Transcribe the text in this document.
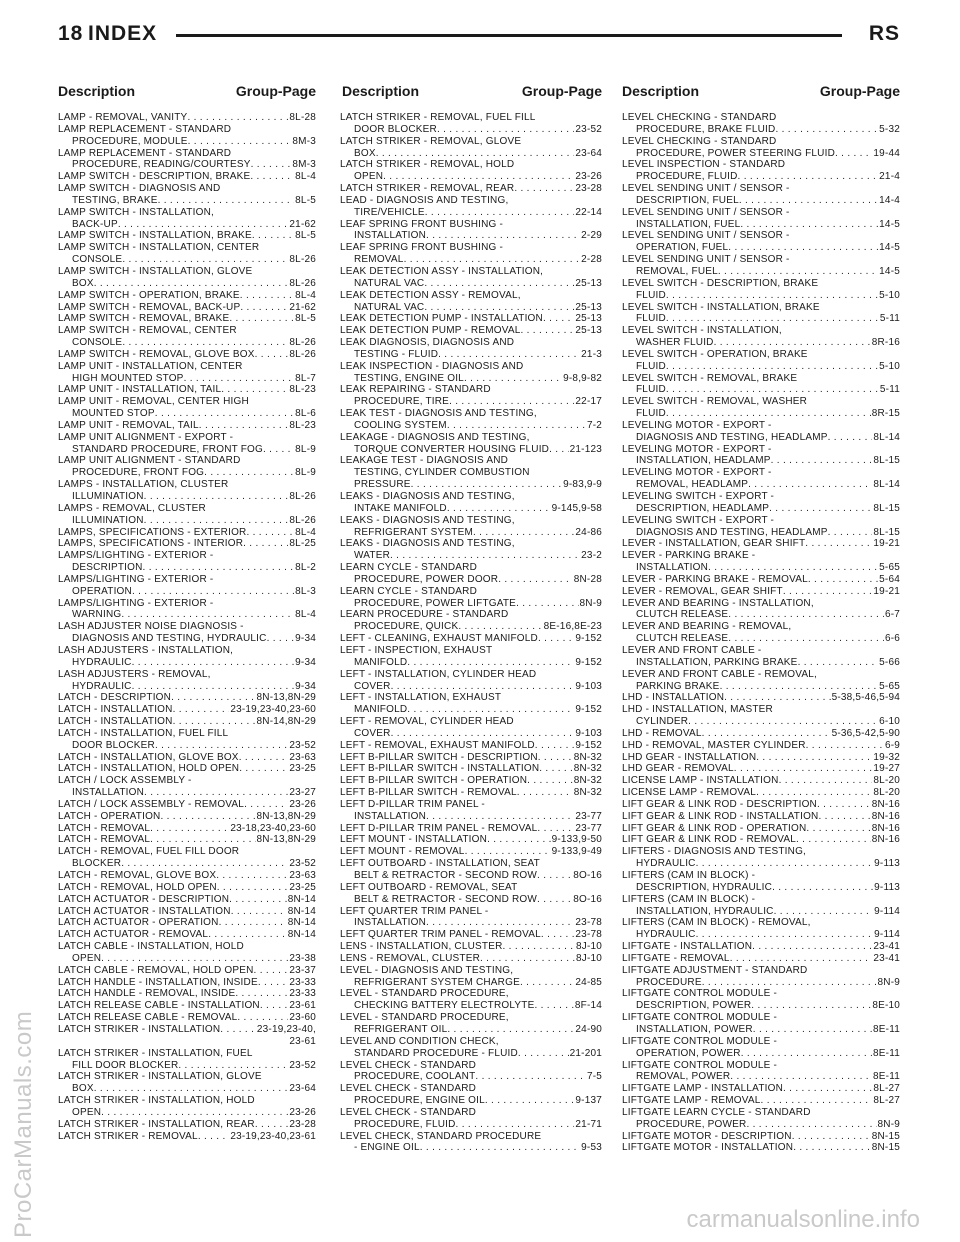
18 INDEX	RS
Description	Group-Page Description	Group-Page Description	Group-Page
LAMP - REMOVAL, VANITY . . .	8L-28
LAMP REPLACEMENT - STANDARD
PROCEDURE, MODULE . . .	8M-3
LAMP REPLACEMENT - STANDARD
PROCEDURE, READING/COURTESY . . .	8M-3
LAMP SWITCH - DESCRIPTION, BRAKE . . .	8L-4
LAMP SWITCH - DIAGNOSIS AND
TESTING, BRAKE . . .	8L-5
LAMP SWITCH - INSTALLATION,
BACK-UP . . .	21-62
LAMP SWITCH - INSTALLATION, BRAKE . . .	8L-5
LAMP SWITCH - INSTALLATION, CENTER
CONSOLE . . .	8L-26
LAMP SWITCH - INSTALLATION, GLOVE
BOX . . .	8L-26
LAMP SWITCH - OPERATION, BRAKE . . .	8L-4
LAMP SWITCH - REMOVAL, BACK-UP . . .	21-62
LAMP SWITCH - REMOVAL, BRAKE . . .	8L-5
LAMP SWITCH - REMOVAL, CENTER
CONSOLE . . .	8L-26
LAMP SWITCH - REMOVAL, GLOVE BOX . . .	8L-26
LAMP UNIT - INSTALLATION, CENTER
HIGH MOUNTED STOP . . .	8L-7
LAMP UNIT - INSTALLATION, TAIL . . .	8L-23
LAMP UNIT - REMOVAL, CENTER HIGH
MOUNTED STOP . . .	8L-6
LAMP UNIT - REMOVAL, TAIL . . .	8L-23
LAMP UNIT ALIGNMENT - EXPORT -
STANDARD PROCEDURE, FRONT FOG . . .	8L-9
LAMP UNIT ALIGNMENT - STANDARD
PROCEDURE, FRONT FOG . . .	8L-9
LAMPS - INSTALLATION, CLUSTER
ILLUMINATION . . .	8L-26
LAMPS - REMOVAL, CLUSTER
ILLUMINATION . . .	8L-26
LAMPS, SPECIFICATIONS - EXTERIOR . . .	8L-4
LAMPS, SPECIFICATIONS - INTERIOR . . .	8L-25
LAMPS/LIGHTING - EXTERIOR -
DESCRIPTION . . .	8L-2
LAMPS/LIGHTING - EXTERIOR -
OPERATION . . .	8L-3
LAMPS/LIGHTING - EXTERIOR -
WARNING . . .	8L-4
LASH ADJUSTER NOISE DIAGNOSIS -
DIAGNOSIS AND TESTING, HYDRAULIC . . .	9-34
LASH ADJUSTERS - INSTALLATION,
HYDRAULIC . . .	9-34
LASH ADJUSTERS - REMOVAL,
HYDRAULIC . . .	9-34
LATCH - DESCRIPTION . . .	8N-13,8N-29
LATCH - INSTALLATION . . .	23-19,23-40,23-60
LATCH - INSTALLATION . . .	8N-14,8N-29
LATCH - INSTALLATION, FUEL FILL
DOOR BLOCKER . . .	23-52
LATCH - INSTALLATION, GLOVE BOX . . .	23-63
LATCH - INSTALLATION, HOLD OPEN . . .	23-25
LATCH / LOCK ASSEMBLY -
INSTALLATION . . .	23-27
LATCH / LOCK ASSEMBLY - REMOVAL . . .	23-26
LATCH - OPERATION . . .	8N-13,8N-29
LATCH - REMOVAL . . .	23-18,23-40,23-60
LATCH - REMOVAL . . .	8N-13,8N-29
LATCH - REMOVAL, FUEL FILL DOOR
BLOCKER . . .	23-52
LATCH - REMOVAL, GLOVE BOX . . .	23-63
LATCH - REMOVAL, HOLD OPEN . . .	23-25
LATCH ACTUATOR - DESCRIPTION . . .	8N-14
LATCH ACTUATOR - INSTALLATION . . .	8N-14
LATCH ACTUATOR - OPERATION . . .	8N-14
LATCH ACTUATOR - REMOVAL . . .	8N-14
LATCH CABLE - INSTALLATION, HOLD
OPEN . . .	23-38
LATCH CABLE - REMOVAL, HOLD OPEN . . .	23-37
LATCH HANDLE - INSTALLATION, INSIDE . . .	23-33
LATCH HANDLE - REMOVAL, INSIDE . . .	23-33
LATCH RELEASE CABLE - INSTALLATION . . .	23-61
LATCH RELEASE CABLE - REMOVAL . . .	23-60
LATCH STRIKER - INSTALLATION . . .	23-19,23-40,
23-61
LATCH STRIKER - INSTALLATION, FUEL
FILL DOOR BLOCKER . . .	23-52
LATCH STRIKER - INSTALLATION, GLOVE
BOX . . .	23-64
LATCH STRIKER - INSTALLATION, HOLD
OPEN . . .	23-26
LATCH STRIKER - INSTALLATION, REAR . . .	23-28
LATCH STRIKER - REMOVAL . . .	23-19,23-40,23-61
LATCH STRIKER - REMOVAL, FUEL FILL
DOOR BLOCKER . . .	23-52
LATCH STRIKER - REMOVAL, GLOVE
BOX . . .	23-64
LATCH STRIKER - REMOVAL, HOLD
OPEN . . .	23-26
LATCH STRIKER - REMOVAL, REAR . . .	23-28
LEAD - DIAGNOSIS AND TESTING,
TIRE/VEHICLE . . .	22-14
LEAF SPRING FRONT BUSHING -
INSTALLATION . . .	2-29
LEAF SPRING FRONT BUSHING -
REMOVAL . . .	2-28
LEAK DETECTION ASSY - INSTALLATION,
NATURAL VAC . . .	25-13
LEAK DETECTION ASSY - REMOVAL,
NATURAL VAC . . .	25-13
LEAK DETECTION PUMP - INSTALLATION . . .	25-13
LEAK DETECTION PUMP - REMOVAL . . .	25-13
LEAK DIAGNOSIS, DIAGNOSIS AND
TESTING - FLUID . . .	21-3
LEAK INSPECTION - DIAGNOSIS AND
TESTING, ENGINE OIL . . .	9-8,9-82
LEAK REPAIRING - STANDARD
PROCEDURE, TIRE . . .	22-17
LEAK TEST - DIAGNOSIS AND TESTING,
COOLING SYSTEM . . .	7-2
LEAKAGE - DIAGNOSIS AND TESTING,
TORQUE CONVERTER HOUSING FLUID . . . 21-123
LEAKAGE TEST - DIAGNOSIS AND
TESTING, CYLINDER COMBUSTION
PRESSURE . . .	9-83,9-9
LEAKS - DIAGNOSIS AND TESTING,
INTAKE MANIFOLD . . .	9-145,9-58
LEAKS - DIAGNOSIS AND TESTING,
REFRIGERANT SYSTEM . . .	24-86
LEAKS - DIAGNOSIS AND TESTING,
WATER . . .	23-2
LEARN CYCLE - STANDARD
PROCEDURE, POWER DOOR . . .	8N-28
LEARN CYCLE - STANDARD
PROCEDURE, POWER LIFTGATE . . .	8N-9
LEARN PROCEDURE - STANDARD
PROCEDURE, QUICK . . .	8E-16,8E-23
LEFT - CLEANING, EXHAUST MANIFOLD . . .	9-152
LEFT - INSPECTION, EXHAUST
MANIFOLD . . .	9-152
LEFT - INSTALLATION, CYLINDER HEAD
COVER . . .	9-103
LEFT - INSTALLATION, EXHAUST
MANIFOLD . . .	9-152
LEFT - REMOVAL, CYLINDER HEAD
COVER . . .	9-103
LEFT - REMOVAL, EXHAUST MANIFOLD . . .	9-152
LEFT B-PILLAR SWITCH - DESCRIPTION . . .	8N-32
LEFT B-PILLAR SWITCH - INSTALLATION . . .	8N-32
LEFT B-PILLAR SWITCH - OPERATION . . .	8N-32
LEFT B-PILLAR SWITCH - REMOVAL . . .	8N-32
LEFT D-PILLAR TRIM PANEL -
INSTALLATION . . .	23-77
LEFT D-PILLAR TRIM PANEL - REMOVAL . . .	23-77
LEFT MOUNT - INSTALLATION . . .	9-133,9-50
LEFT MOUNT - REMOVAL . . .	9-133,9-49
LEFT OUTBOARD - INSTALLATION, SEAT
BELT & RETRACTOR - SECOND ROW . . .	8O-16
LEFT OUTBOARD - REMOVAL, SEAT
BELT & RETRACTOR - SECOND ROW . . .	8O-16
LEFT QUARTER TRIM PANEL -
INSTALLATION . . .	23-78
LEFT QUARTER TRIM PANEL - REMOVAL . . .	23-78
LENS - INSTALLATION, CLUSTER . . .	8J-10
LENS - REMOVAL, CLUSTER . . .	8J-10
LEVEL - DIAGNOSIS AND TESTING,
REFRIGERANT SYSTEM CHARGE . . .	24-85
LEVEL - STANDARD PROCEDURE,
CHECKING BATTERY ELECTROLYTE . . .	8F-14
LEVEL - STANDARD PROCEDURE,
REFRIGERANT OIL . . .	24-90
LEVEL AND CONDITION CHECK,
STANDARD PROCEDURE - FLUID . . .	21-201
LEVEL CHECK - STANDARD
PROCEDURE, COOLANT . . .	7-5
LEVEL CHECK - STANDARD
PROCEDURE, ENGINE OIL . . .	9-137
LEVEL CHECK - STANDARD
PROCEDURE, FLUID . . .	21-71
LEVEL CHECK, STANDARD PROCEDURE
- ENGINE OIL . . .	9-53
LEVEL CHECKING - STANDARD
PROCEDURE, BRAKE FLUID . . .	5-32
LEVEL CHECKING - STANDARD
PROCEDURE, POWER STEERING FLUID . . .	19-44
LEVEL INSPECTION - STANDARD
PROCEDURE, FLUID . . .	21-4
LEVEL SENDING UNIT / SENSOR -
DESCRIPTION, FUEL . . .	14-4
LEVEL SENDING UNIT / SENSOR -
INSTALLATION, FUEL . . .	14-5
LEVEL SENDING UNIT / SENSOR -
OPERATION, FUEL . . .	14-5
LEVEL SENDING UNIT / SENSOR -
REMOVAL, FUEL . . .	14-5
LEVEL SWITCH - DESCRIPTION, BRAKE
FLUID . . .	5-10
LEVEL SWITCH - INSTALLATION, BRAKE
FLUID . . .	5-11
LEVEL SWITCH - INSTALLATION,
WASHER FLUID . . .	8R-16
LEVEL SWITCH - OPERATION, BRAKE
FLUID . . .	5-10
LEVEL SWITCH - REMOVAL, BRAKE
FLUID . . .	5-11
LEVEL SWITCH - REMOVAL, WASHER
FLUID . . .	8R-15
LEVELING MOTOR - EXPORT -
DIAGNOSIS AND TESTING, HEADLAMP . . .	8L-14
LEVELING MOTOR - EXPORT -
INSTALLATION, HEADLAMP . . .	8L-15
LEVELING MOTOR - EXPORT -
REMOVAL, HEADLAMP . . .	8L-14
LEVELING SWITCH - EXPORT -
DESCRIPTION, HEADLAMP . . .	8L-15
LEVELING SWITCH - EXPORT -
DIAGNOSIS AND TESTING, HEADLAMP . . .	8L-15
LEVER - INSTALLATION, GEAR SHIFT . . .	19-21
LEVER - PARKING BRAKE -
INSTALLATION . . .	5-65
LEVER - PARKING BRAKE - REMOVAL . . .	5-64
LEVER - REMOVAL, GEAR SHIFT . . .	19-21
LEVER AND BEARING - INSTALLATION,
CLUTCH RELEASE . . .	6-7
LEVER AND BEARING - REMOVAL,
CLUTCH RELEASE . . .	6-6
LEVER AND FRONT CABLE -
INSTALLATION, PARKING BRAKE . . .	5-66
LEVER AND FRONT CABLE - REMOVAL,
PARKING BRAKE . . .	5-65
LHD - INSTALLATION . . .	5-38,5-46,5-94
LHD - INSTALLATION, MASTER
CYLINDER . . .	6-10
LHD - REMOVAL . . .	5-36,5-42,5-90
LHD - REMOVAL, MASTER CYLINDER . . .	6-9
LHD GEAR - INSTALLATION . . .	19-32
LHD GEAR - REMOVAL . . .	19-27
LICENSE LAMP - INSTALLATION . . .	8L-20
LICENSE LAMP - REMOVAL . . .	8L-20
LIFT GEAR & LINK ROD - DESCRIPTION . . .	8N-16
LIFT GEAR & LINK ROD - INSTALLATION . . .	8N-16
LIFT GEAR & LINK ROD - OPERATION . . .	8N-16
LIFT GEAR & LINK ROD - REMOVAL . . .	8N-16
LIFTERS - DIAGNOSIS AND TESTING,
HYDRAULIC . . .	9-113
LIFTERS (CAM IN BLOCK) -
DESCRIPTION, HYDRAULIC . . .	9-113
LIFTERS (CAM IN BLOCK) -
INSTALLATION, HYDRAULIC . . .	9-114
LIFTERS (CAM IN BLOCK) - REMOVAL,
HYDRAULIC . . .	9-114
LIFTGATE - INSTALLATION . . .	23-41
LIFTGATE - REMOVAL . . .	23-41
LIFTGATE ADJUSTMENT - STANDARD
PROCEDURE . . .	8N-9
LIFTGATE CONTROL MODULE -
DESCRIPTION, POWER . . .	8E-10
LIFTGATE CONTROL MODULE -
INSTALLATION, POWER . . .	8E-11
LIFTGATE CONTROL MODULE -
OPERATION, POWER . . .	8E-11
LIFTGATE CONTROL MODULE -
REMOVAL, POWER . . .	8E-11
LIFTGATE LAMP - INSTALLATION . . .	8L-27
LIFTGATE LAMP - REMOVAL . . .	8L-27
LIFTGATE LEARN CYCLE - STANDARD
PROCEDURE, POWER . . .	8N-9
LIFTGATE MOTOR - DESCRIPTION . . .	8N-15
LIFTGATE MOTOR - INSTALLATION . . .	8N-15
ProCarManuals.com	carmanualsonline.info
